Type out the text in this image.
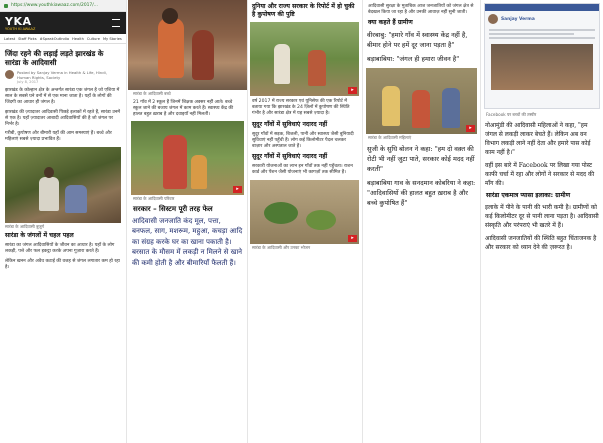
https://www.youthkiawaaz.com/2017/...
YKA
YOUTH KI AWAAZ
Latest Staff Picks #SpeakOutIndia Health Culture My Stories
जिंदा रहने की लड़ाई लड़ते झारखंड के सारंडा के आदिवासी
Posted by Sanjay Verma in Health & Life, Hindi, Human Rights, Society
July 8, 2017
झारखंड के कोल्हान क्षेत्र के अन्तर्गत सारंडा एक जंगल है जो एशिया में साल के सबसे घने वनों में से एक माना जाता है। यहाँ के लोगों की जिंदगी का आधार ही जंगल है।
झारखंड की ज़्यादातर आदिवासी पिछड़े इलाकों में रहते हैं, सारंडा उनमें से एक है। यहाँ ज़्यादातर आबादी आदिवासियों की है जो जंगल पर निर्भर है।
गरीबी, कुपोषण और बीमारी यहाँ की आम समस्याएं हैं। बच्चे और महिलाएं सबसे ज़्यादा प्रभावित हैं।
सारंडा के आदिवासी बुजुर्ग
सारंडा के जंगलों में चहल पहल
सारंडा का जंगल आदिवासियों के जीवन का आधार है। यहाँ के लोग लकड़ी, पत्ते और फल इकट्ठा करके अपना गुज़ारा करते हैं।
लेकिन खनन और अवैध कटाई की वजह से जंगल लगातार कम हो रहा है।
सारंडा के आदिवासी बच्चे
21 गाँव में 2 स्कूल हैं जिनमें शिक्षक अक्सर नहीं आते। बच्चे स्कूल जाने की बजाय जंगल में काम करते हैं। स्वास्थ्य केंद्र की हालत बहुत ख़राब है और दवाइयाँ नहीं मिलतीं।
▸
सारंडा के आदिवासी परिवार
सरकार – सिस्टम पूरी तरह फेल
आदिवासी जनजाति कंद मूल, पत्ता, बनफल, साग, मशरूम, महुआ, कचड़ा आदि का संग्रह करके घर का खाना पकाती है। बरसात के मौसम में लकड़ी न मिलने से खाने की कमी होती है और बीमारियाँ फैलती हैं।
दुनिया और राज्य सरकार के रिपोर्ट में हो चुकी है कुपोषण की पुष्टि
▸
वर्ष 2017 में राज्य सरकार एवं यूनिसेफ की एक रिपोर्ट में बताया गया कि झारखंड के 24 ज़िलों में कुपोषण की स्थिति गंभीर है और सारंडा क्षेत्र में यह सबसे ज़्यादा है।
सुदूर गाँवों में सुविधाएं नदारद नहीं
सुदूर गाँवों में सड़क, बिजली, पानी और स्वास्थ्य जैसी बुनियादी सुविधाएं नहीं पहुँची हैं। लोग कई किलोमीटर पैदल चलकर बाज़ार और अस्पताल जाते हैं।
सुदूर गाँवों में सुविधाएं नदारद नहीं
सरकारी योजनाओं का लाभ इन गाँवों तक नहीं पहुँचता। राशन कार्ड और पेंशन जैसी योजनाएं भी कागज़ों तक सीमित हैं।
▸
सारंडा के आदिवासी और उनका भोजन
आदिवासी सुरक्षा के मुताबिक आज जनजातियों को जंगल क्षेत्र से बेदखल किया जा रहा है और उनकी आवाज़ नहीं सुनी जाती।
क्या कहते हैं ग्रामीण
वीरबाबु: "हमारे गाँव में स्वास्थ्य केंद्र नहीं है, बीमार होने पर हमें दूर जाना पड़ता है"
बड़ाबाबिया: "जंगल ही हमारा जीवन है"
▸
सारंडा के आदिवासी महिलाएं
सुजी के सुधि बोलन ने कहा: "हम दो वक़्त की रोटी भी नहीं जुटा पाते, सरकार कोई मदद नहीं करती"
बड़ाबाबिया गाव के सनदमान कोबरिया ने कहा: "आदिवासियों की हालत बहुत ख़राब है और बच्चे कुपोषित हैं"
Sanjay Verma
Facebook पर बच्चों की तस्वीर
नोआमुंडी की आदिवासी महिलाओं ने कहा, "हम जंगल से लकड़ी लाकर बेचते हैं। लेकिन अब वन विभाग लकड़ी लाने नहीं देता और हमारे पास कोई काम नहीं है।"
वहीं इस बारे में Facebook पर लिखा गया पोस्ट काफी चर्चा में रहा और लोगों ने सरकार से मदद की माँग की।
सारंडा एकमात्र प्यासा इलाका: ग्रामीण
इलाके में पीने के पानी की भारी कमी है। ग्रामीणों को कई किलोमीटर दूर से पानी लाना पड़ता है। आदिवासी संस्कृति और परंपराएं भी खतरे में हैं।
आदिवासी जनजातियों की स्थिति बहुत चिंताजनक है और सरकार को ध्यान देने की ज़रूरत है।
